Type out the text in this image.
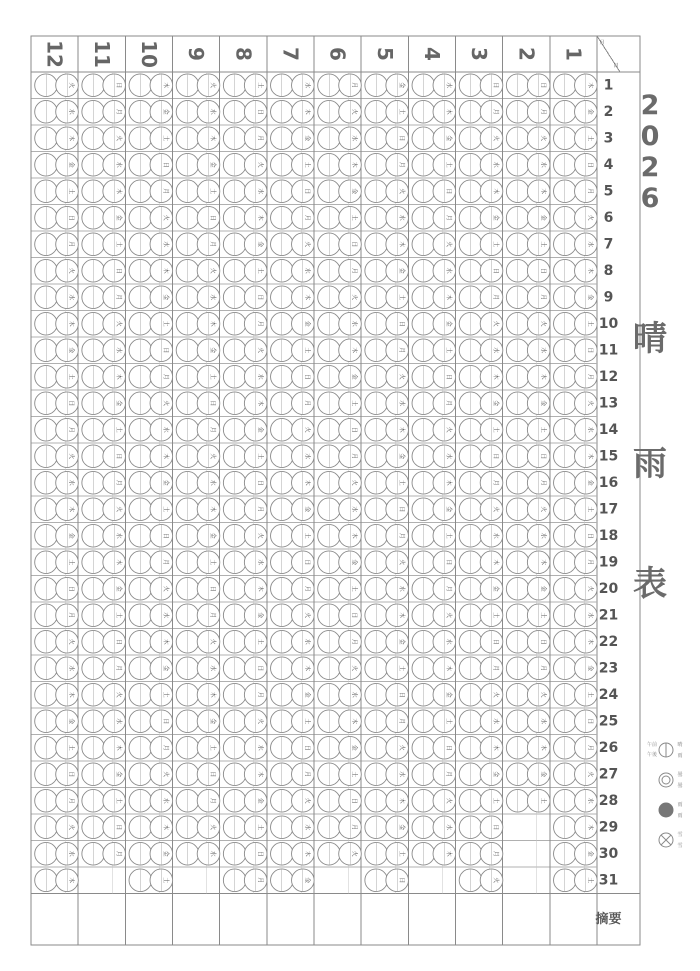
月
日
1
2
3
4
5
6
7
8
9
10
11
12
13
14
15
16
17
18
19
20
21
22
23
24
25
26
27
28
29
30
31
摘要
1
木
金
土
日
月
火
水
木
金
土
日
月
火
水
木
金
土
日
月
火
水
木
金
土
日
月
火
水
木
金
土
2
日
月
火
水
木
金
土
日
月
火
水
木
金
土
日
月
火
水
木
金
土
日
月
火
水
木
金
土
3
日
月
火
水
木
金
土
日
月
火
水
木
金
土
日
月
火
水
木
金
土
日
月
火
水
木
金
土
日
月
火
4
水
木
金
土
日
月
火
水
木
金
土
日
月
火
水
木
金
土
日
月
火
水
木
金
土
日
月
火
水
木
5
金
土
日
月
火
水
木
金
土
日
月
火
水
木
金
土
日
月
火
水
木
金
土
日
月
火
水
木
金
土
日
6
月
火
水
木
金
土
日
月
火
水
木
金
土
日
月
火
水
木
金
土
日
月
火
水
木
金
土
日
月
火
7
水
木
金
土
日
月
火
水
木
金
土
日
月
火
水
木
金
土
日
月
火
水
木
金
土
日
月
火
水
木
金
8
土
日
月
火
水
木
金
土
日
月
火
水
木
金
土
日
月
火
水
木
金
土
日
月
火
水
木
金
土
日
月
9
火
水
木
金
土
日
月
火
水
木
金
土
日
月
火
水
木
金
土
日
月
火
水
木
金
土
日
月
火
水
10
木
金
土
日
月
火
水
木
金
土
日
月
火
水
木
金
土
日
月
火
水
木
金
土
日
月
火
水
木
金
土
11
日
月
火
水
木
金
土
日
月
火
水
木
金
土
日
月
火
水
木
金
土
日
月
火
水
木
金
土
日
月
12
火
水
木
金
土
日
月
火
水
木
金
土
日
月
火
水
木
金
土
日
月
火
水
木
金
土
日
月
火
水
木
2
0
2
6
晴
雨
表
晴
雨
曇
曇
雨
雨
雪
雪
午前
午後
